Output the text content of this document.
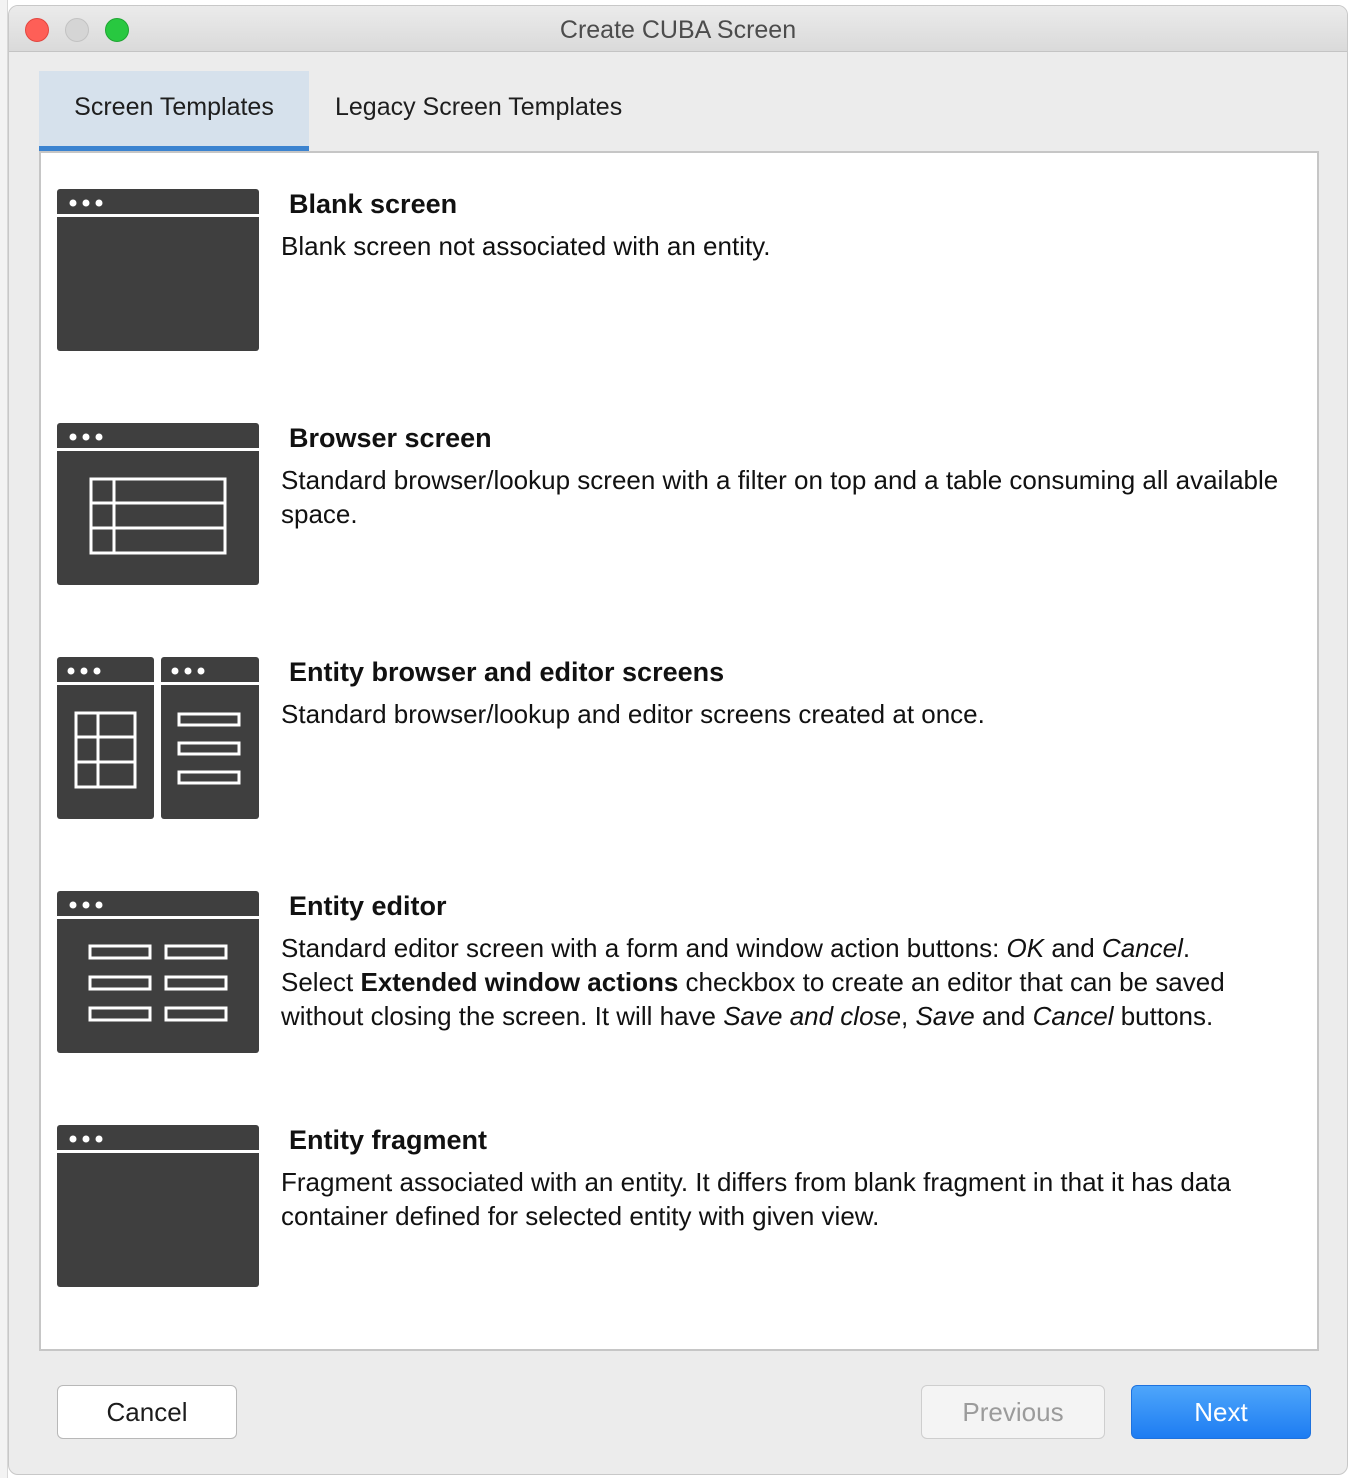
Create CUBA Screen
Screen Templates	Legacy Screen Templates
Blank screen
Blank screen not associated with an entity.
Browser screen
Standard browser/lookup screen with a filter on top and a table consuming all available space.
Entity browser and editor screens
Standard browser/lookup and editor screens created at once.
Entity editor
Standard editor screen with a form and window action buttons: OK and Cancel.
Select Extended window actions checkbox to create an editor that can be saved without closing the screen. It will have Save and close, Save and Cancel buttons.
Entity fragment
Fragment associated with an entity. It differs from blank fragment in that it has data container defined for selected entity with given view.
Cancel	Previous	Next
